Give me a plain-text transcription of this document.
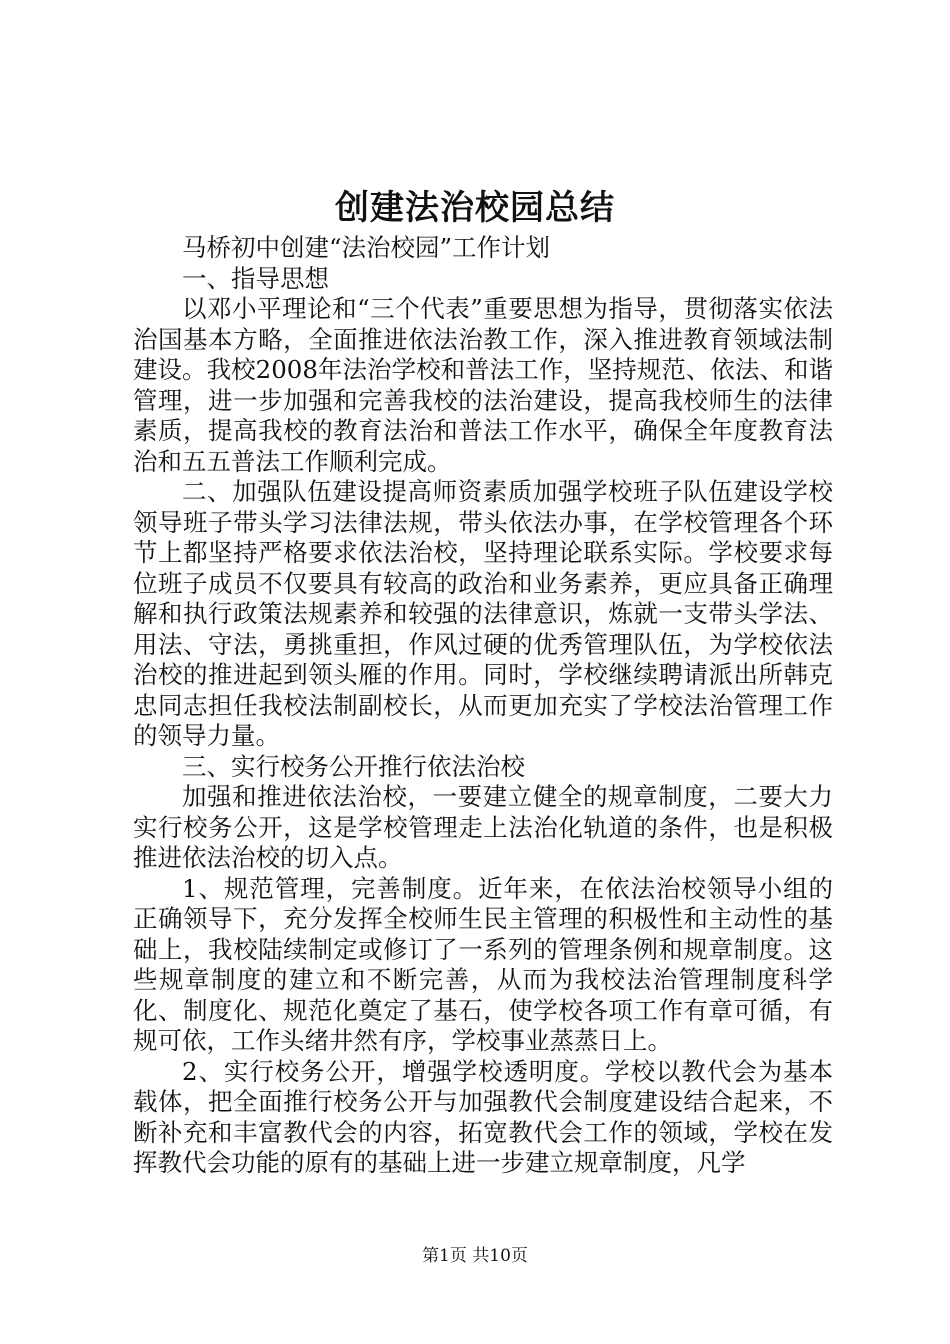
创建法治校园总结

马桥初中创建“法治校园”工作计划

一、指导思想

以邓小平理论和“三个代表”重要思想为指导，贯彻落实依法治国基本方略，全面推进依法治教工作，深入推进教育领域法制建设。我校2008年法治学校和普法工作，坚持规范、依法、和谐管理，进一步加强和完善我校的法治建设，提高我校师生的法律素质，提高我校的教育法治和普法工作水平，确保全年度教育法治和五五普法工作顺利完成。

二、加强队伍建设提高师资素质加强学校班子队伍建设学校领导班子带头学习法律法规，带头依法办事，在学校管理各个环节上都坚持严格要求依法治校，坚持理论联系实际。学校要求每位班子成员不仅要具有较高的政治和业务素养，更应具备正确理解和执行政策法规素养和较强的法律意识，炼就一支带头学法、用法、守法，勇挑重担，作风过硬的优秀管理队伍，为学校依法治校的推进起到领头雁的作用。同时，学校继续聘请派出所韩克忠同志担任我校法制副校长，从而更加充实了学校法治管理工作的领导力量。

三、实行校务公开推行依法治校

加强和推进依法治校，一要建立健全的规章制度，二要大力实行校务公开，这是学校管理走上法治化轨道的条件，也是积极推进依法治校的切入点。

1、规范管理，完善制度。近年来，在依法治校领导小组的正确领导下，充分发挥全校师生民主管理的积极性和主动性的基础上，我校陆续制定或修订了一系列的管理条例和规章制度。这些规章制度的建立和不断完善，从而为我校法治管理制度科学化、制度化、规范化奠定了基石，使学校各项工作有章可循，有规可依，工作头绪井然有序，学校事业蒸蒸日上。

2、实行校务公开，增强学校透明度。学校以教代会为基本载体，把全面推行校务公开与加强教代会制度建设结合起来，不断补充和丰富教代会的内容，拓宽教代会工作的领域，学校在发挥教代会功能的原有的基础上进一步建立规章制度，凡学

第1页 共10页
